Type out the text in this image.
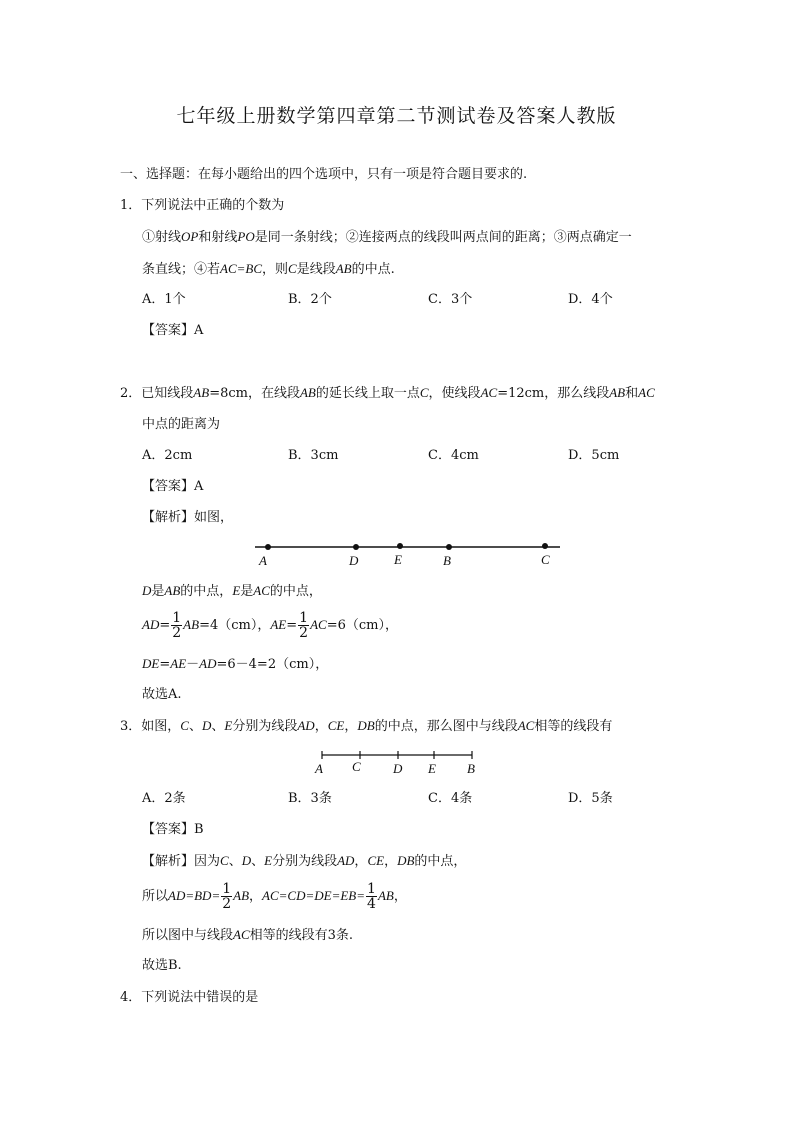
七年级上册数学第四章第二节测试卷及答案人教版
一、选择题：在每小题给出的四个选项中，只有一项是符合题目要求的.
1．下列说法中正确的个数为
①射线OP和射线PO是同一条射线；②连接两点的线段叫两点间的距离；③两点确定一
条直线；④若AC=BC，则C是线段AB的中点.
A．1个	B．2个	C．3个	D．4个
【答案】A
2．已知线段AB=8cm，在线段AB的延长线上取一点C，使线段AC=12cm，那么线段AB和AC
中点的距离为
A．2cm	B．3cm	C．4cm	D．5cm
【答案】A
【解析】如图，
A	D	E	B	C
D是AB的中点，E是AC的中点，
$AD= \frac{1}{2} AB=4(cm)$，$AE= \frac{1}{2} AC=6(cm)$，
DE=AE－AD=6－4=2（cm），
故选A.
3．如图，C、D、E分别为线段AD，CE，DB的中点，那么图中与线段AC相等的线段有
A C D E B
A．2条	B．3条	C．4条	D．5条
【答案】B
【解析】因为C、D、E分别为线段AD，CE，DB的中点，
所以$AD=BD= \frac{1}{2}$ AB，$AC=CD=DE=EB= \frac{1}{4}$ AB，
所以图中与线段AC相等的线段有3条.
故选B.
4．下列说法中错误的是
